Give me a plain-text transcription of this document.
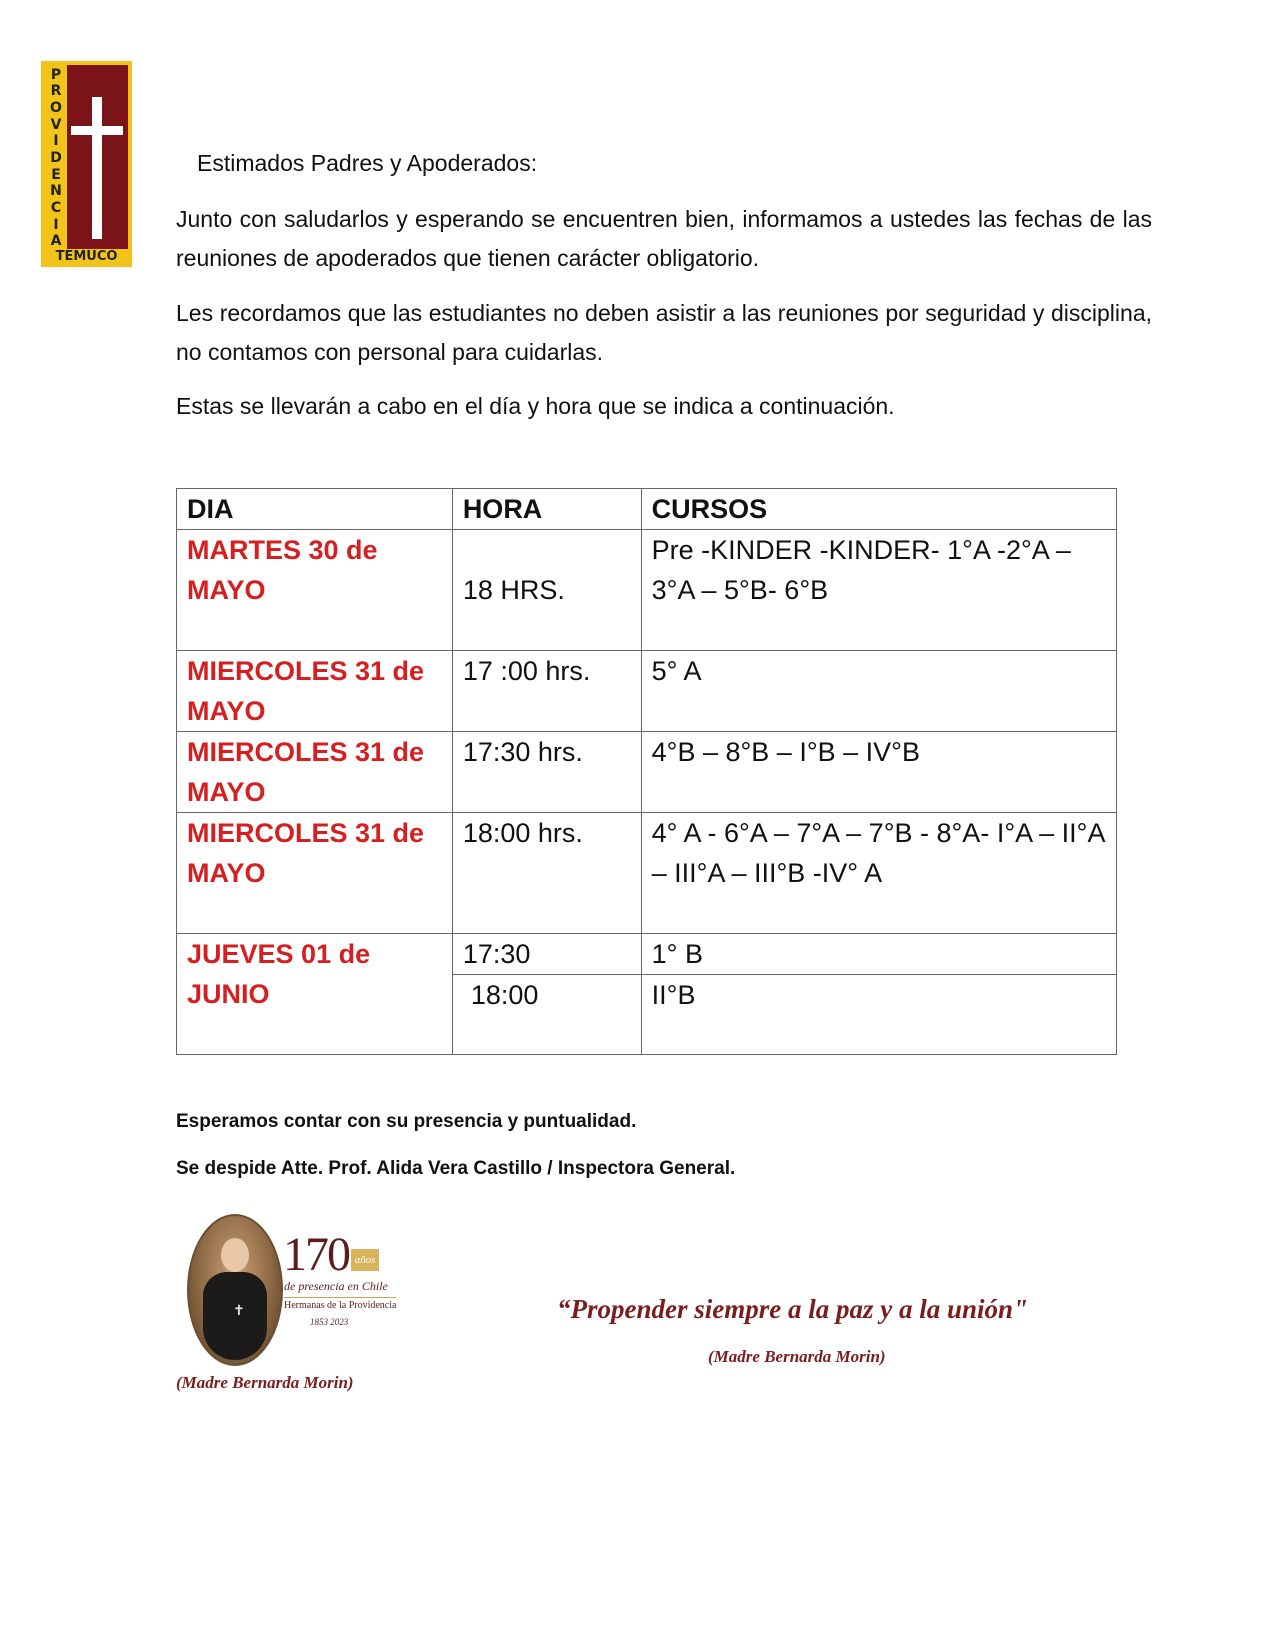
P
R
O
V
I
D
E
N
C
I
A
TEMUCO
Estimados Padres y Apoderados:

Junto con saludarlos y esperando se encuentren bien, informamos a ustedes las fechas de las reuniones de apoderados que tienen carácter obligatorio.

Les recordamos que las estudiantes no deben asistir a las reuniones por seguridad y disciplina, no contamos con personal para cuidarlas.

Estas se llevarán a cabo en el día y hora que se indica a continuación.

DIA	HORA	CURSOS
MARTES 30 de MAYO	18 HRS.	Pre -KINDER -KINDER- 1°A -2°A – 3°A – 5°B- 6°B
MIERCOLES 31 de MAYO	17 :00 hrs.	5° A
MIERCOLES 31 de MAYO	17:30 hrs.	4°B – 8°B – I°B – IV°B
MIERCOLES 31 de MAYO	18:00 hrs.	4° A - 6°A – 7°A – 7°B - 8°A- I°A – II°A – III°A – III°B -IV° A
JUEVES 01 de JUNIO	17:30	1° B
	18:00	II°B
Esperamos contar con su presencia y puntualidad.
Se despide Atte. Prof. Alida Vera Castillo / Inspectora General.
✝
170 años
de presencia en Chile
Hermanas de la Providencia
1853 2023
(Madre Bernarda Morin)
“Propender siempre a la paz y a la unión"
(Madre Bernarda Morin)
